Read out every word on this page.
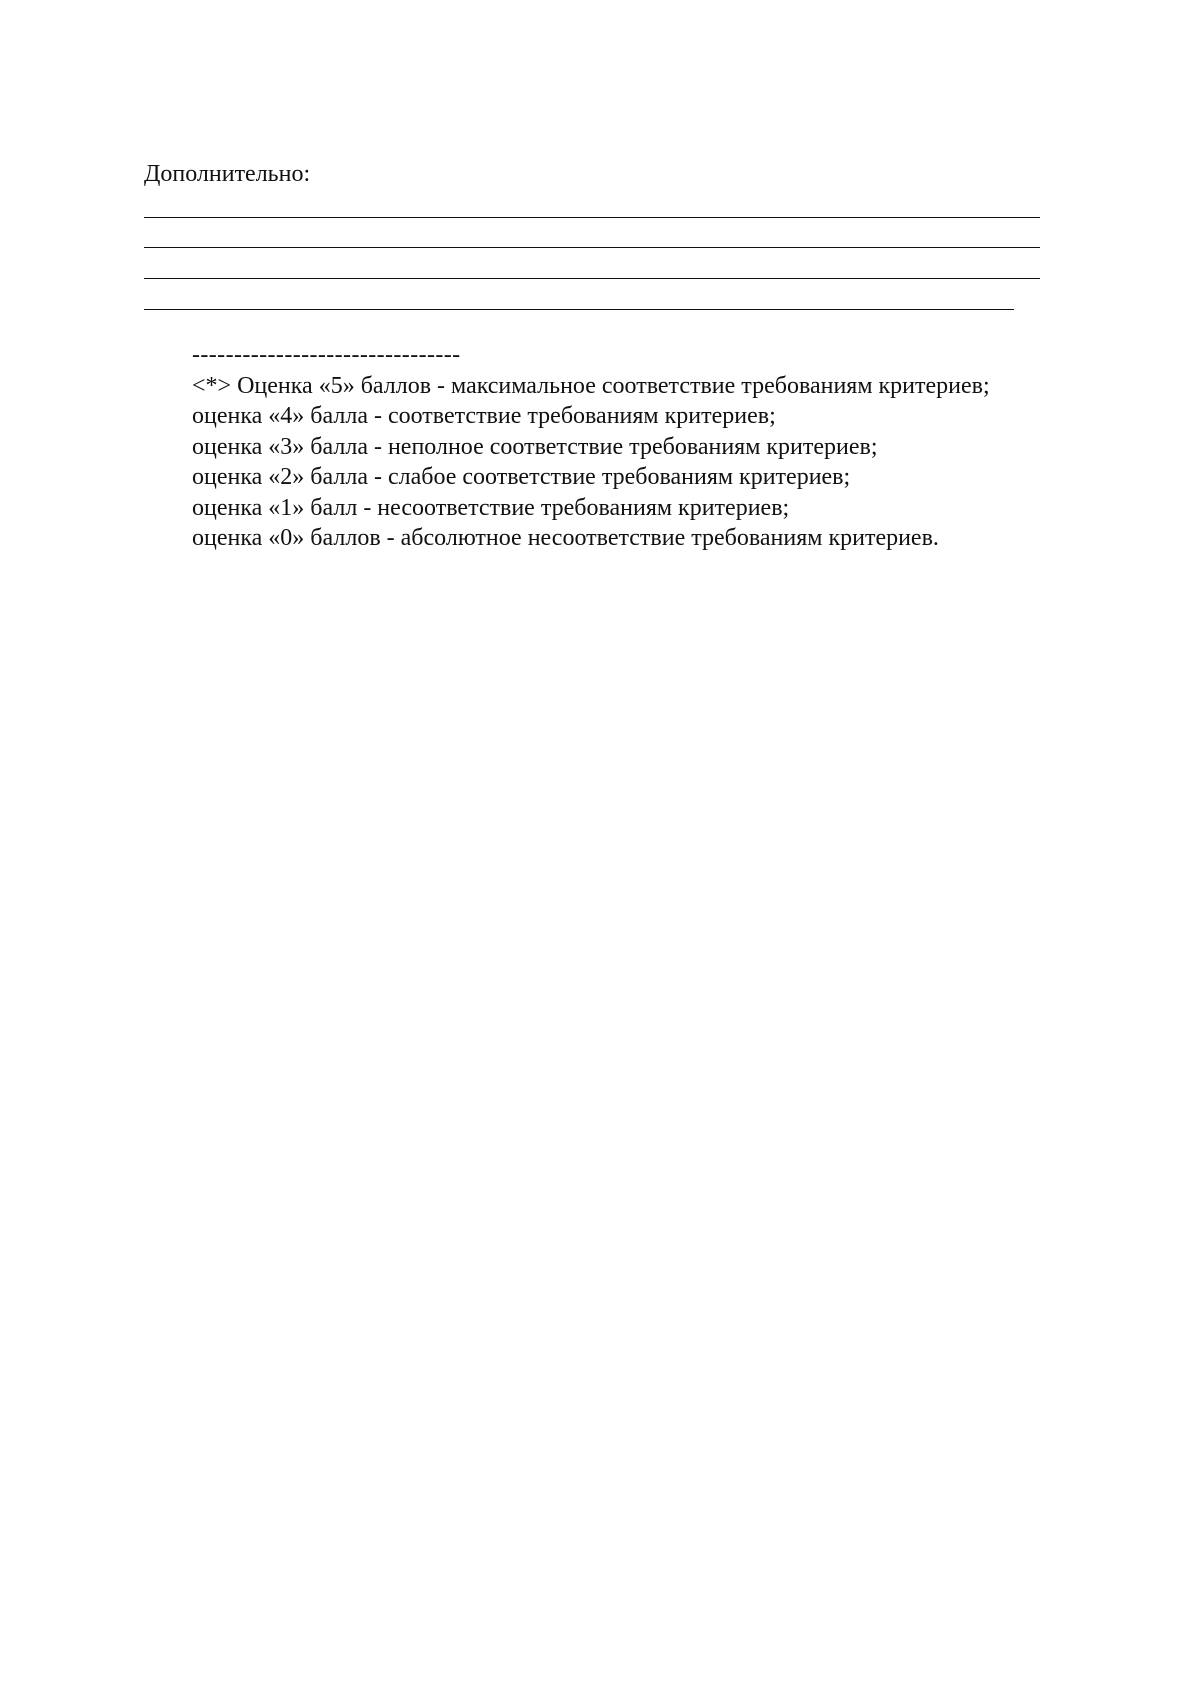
Дополнительно:
--------------------------------

<*> Оценка «5» баллов - максимальное соответствие требованиям критериев;

оценка «4» балла - соответствие требованиям критериев;

оценка «3» балла - неполное соответствие требованиям критериев;

оценка «2» балла - слабое соответствие требованиям критериев;

оценка «1» балл - несоответствие требованиям критериев;

оценка «0» баллов - абсолютное несоответствие требованиям критериев.
